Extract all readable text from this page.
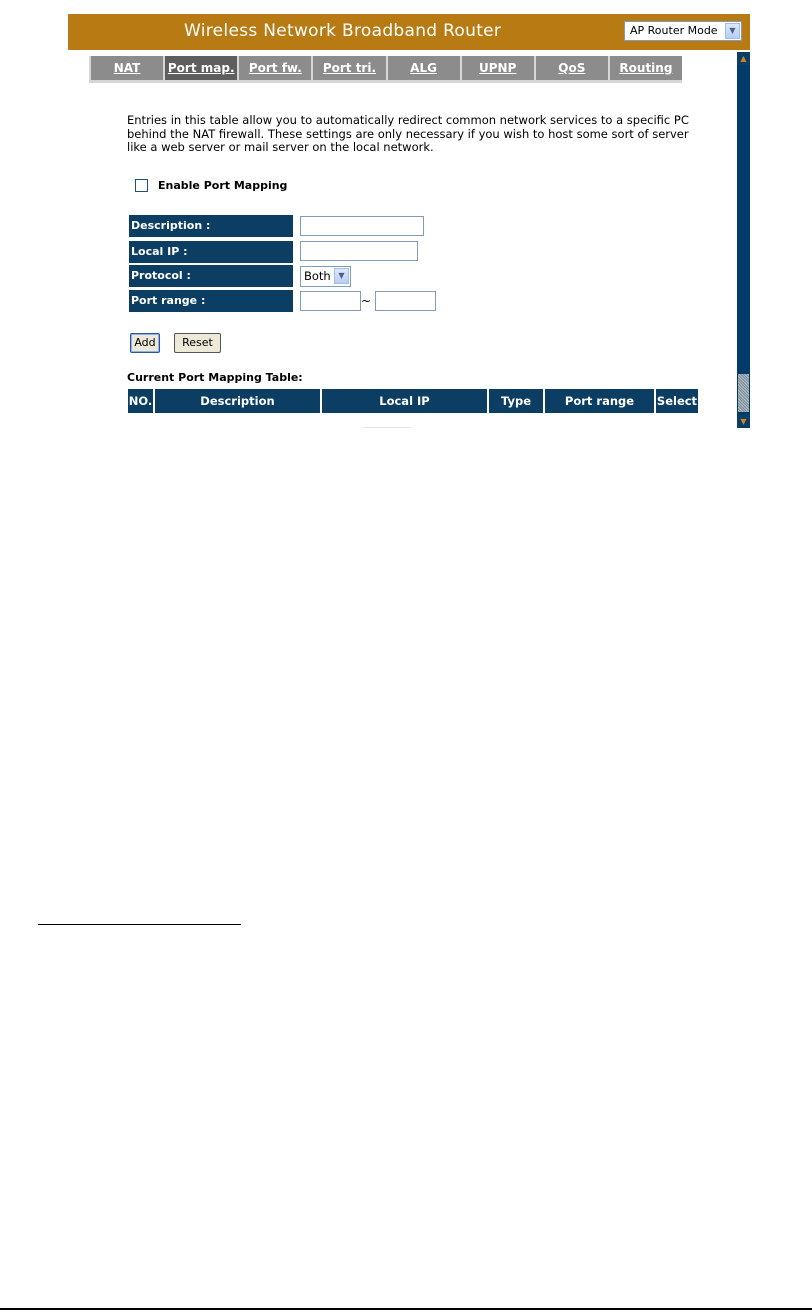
Wireless Network Broadband Router	AP Router Mode	▼
NAT	Port map.	Port fw.	Port tri.	ALG	UPNP	QoS	Routing
▲
▼
Entries in this table allow you to automatically redirect common network services to a specific PC behind the NAT firewall. These settings are only necessary if you wish to host some sort of server like a web server or mail server on the local network.
Enable Port Mapping
Description :
Local IP :
Protocol :	Both ▼
Port range :	~
Add	Reset
Current Port Mapping Table:
NO.	Description	Local IP	Type	Port range	Select
